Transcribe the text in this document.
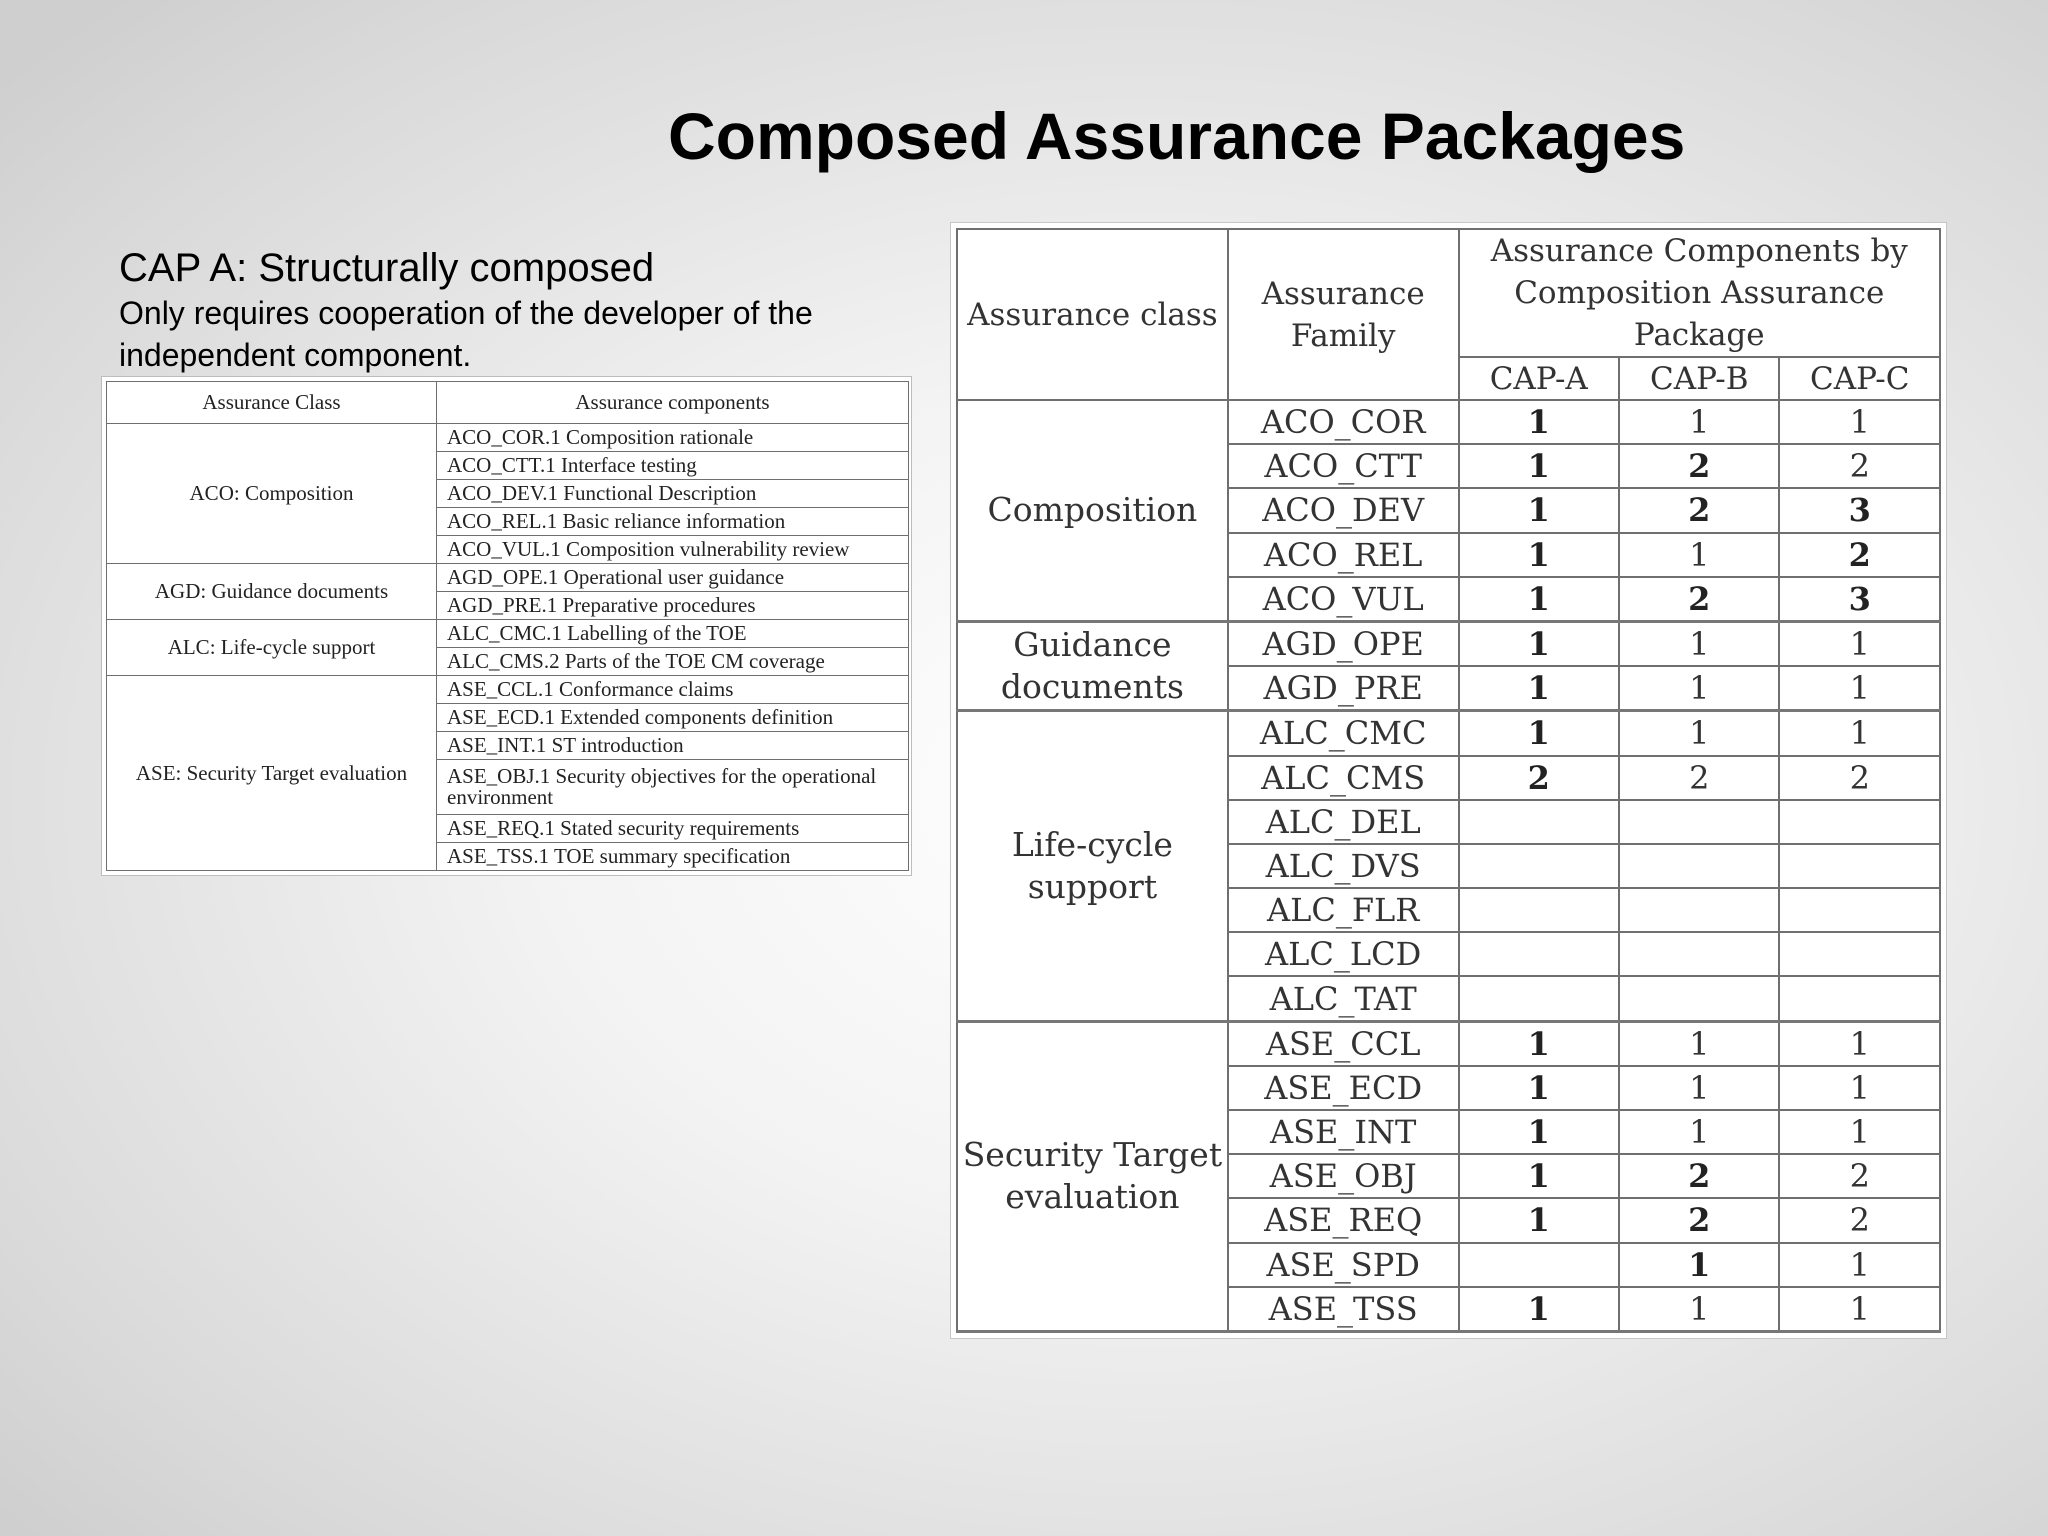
Composed Assurance Packages

CAP A: Structurally composed

Only requires cooperation of the developer of the independent component.

Assurance Class	Assurance components
ACO: Composition	ACO_COR.1 Composition rationale
	ACO_CTT.1 Interface testing
	ACO_DEV.1 Functional Description
	ACO_REL.1 Basic reliance information
	ACO_VUL.1 Composition vulnerability review
AGD: Guidance documents	AGD_OPE.1 Operational user guidance
	AGD_PRE.1 Preparative procedures
ALC: Life-cycle support	ALC_CMC.1 Labelling of the TOE
	ALC_CMS.2 Parts of the TOE CM coverage
ASE: Security Target evaluation	ASE_CCL.1 Conformance claims
	ASE_ECD.1 Extended components definition
	ASE_INT.1 ST introduction
	ASE_OBJ.1 Security objectives for the operational environment
	ASE_REQ.1 Stated security requirements
	ASE_TSS.1 TOE summary specification
Assurance class	Assurance Family	Assurance Components by Composition Assurance Package		
		CAP-A	CAP-B	CAP-C
Composition	ACO_COR	1	1	1
	ACO_CTT	1	2	2
	ACO_DEV	1	2	3
	ACO_REL	1	1	2
	ACO_VUL	1	2	3
Guidance documents	AGD_OPE	1	1	1
	AGD_PRE	1	1	1
Life-cycle support	ALC_CMC	1	1	1
	ALC_CMS	2	2	2
	ALC_DEL			
	ALC_DVS			
	ALC_FLR			
	ALC_LCD			
	ALC_TAT			
Security Target evaluation	ASE_CCL	1	1	1
	ASE_ECD	1	1	1
	ASE_INT	1	1	1
	ASE_OBJ	1	2	2
	ASE_REQ	1	2	2
	ASE_SPD		1	1
	ASE_TSS	1	1	1
